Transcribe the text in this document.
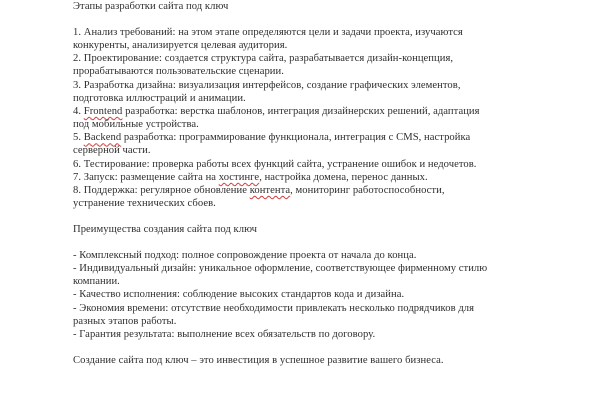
Этапы разработки сайта под ключ
1. Анализ требований: на этом этапе определяются цели и задачи проекта, изучаются
конкуренты, анализируется целевая аудитория.
2. Проектирование: создается структура сайта, разрабатывается дизайн-концепция,
прорабатываются пользовательские сценарии.
3. Разработка дизайна: визуализация интерфейсов, создание графических элементов,
подготовка иллюстраций и анимации.
4. Frontend разработка: верстка шаблонов, интеграция дизайнерских решений, адаптация
под мобильные устройства.
5. Backend разработка: программирование функционала, интеграция с CMS, настройка
серверной части.
6. Тестирование: проверка работы всех функций сайта, устранение ошибок и недочетов.
7. Запуск: размещение сайта на хостинге, настройка домена, перенос данных.
8. Поддержка: регулярное обновление контента, мониторинг работоспособности,
устранение технических сбоев.
Преимущества создания сайта под ключ
- Комплексный подход: полное сопровождение проекта от начала до конца.
- Индивидуальный дизайн: уникальное оформление, соответствующее фирменному стилю
компании.
- Качество исполнения: соблюдение высоких стандартов кода и дизайна.
- Экономия времени: отсутствие необходимости привлекать несколько подрядчиков для
разных этапов работы.
- Гарантия результата: выполнение всех обязательств по договору.
Создание сайта под ключ – это инвестиция в успешное развитие вашего бизнеса.
